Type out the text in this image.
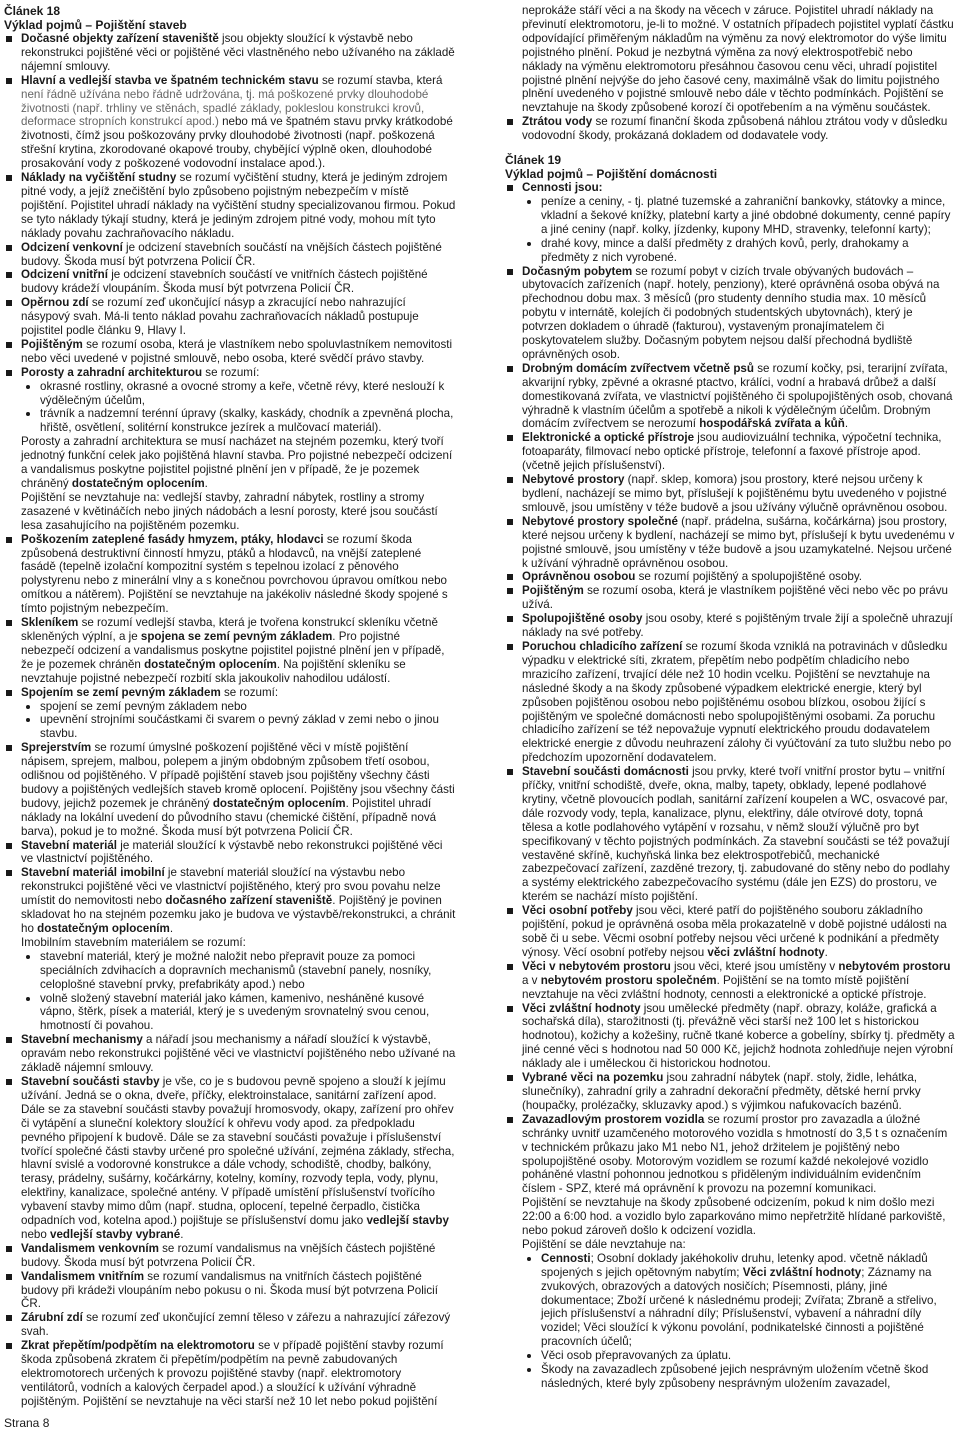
Článek 18
Výklad pojmů – Pojištění staveb

Dočasné objekty zařízení staveniště jsou objekty sloužící k výstavbě nebo rekonstrukci pojištěné věci or pojištěné věci vlastněného nebo užívaného na základě nájemní smlouvy.

Hlavní a vedlejší stavba ve špatném technickém stavu se rozumí stavba, která není řádně užívána nebo řádně udržována, tj. má poškozené prvky dlouhodobé životnosti (např. trhliny ve stěnách, spadlé základy, pokleslou konstrukci krovů, deformace stropních konstrukcí apod.) nebo má ve špatném stavu prvky krátkodobé životnosti, čímž jsou poškozovány prvky dlouhodobé životnosti (např. poškozená střešní krytina, zkorodované okapové trouby, chybějící výplně oken, dlouhodobé prosakování vody z poškozené vodovodní instalace apod.).

Náklady na vyčištění studny se rozumí vyčištění studny, která je jediným zdrojem pitné vody, a jejíž znečištění bylo způsobeno pojistným nebezpečím v místě pojištění. Pojistitel uhradí náklady na vyčištění studny specializovanou firmou. Pokud se tyto náklady týkají studny, která je jediným zdrojem pitné vody, mohou mít tyto náklady povahu zachraňovacího nákladu.

Odcizení venkovní je odcizení stavebních součástí na vnějších částech pojištěné budovy. Škoda musí být potvrzena Policií ČR.

Odcizení vnitřní je odcizení stavebních součástí ve vnitřních částech pojištěné budovy krádeží vloupáním. Škoda musí být potvrzena Policií ČR.

Opěrnou zdí se rozumí zeď ukončující násyp a zkracující nebo nahrazující násypový svah. Má-li tento náklad povahu zachraňovacích nákladů postupuje pojistitel podle článku 9, Hlavy I.

Pojištěným se rozumí osoba, která je vlastníkem nebo spoluvlastníkem nemovitosti nebo věci uvedené v pojistné smlouvě, nebo osoba, které svědčí právo stavby.

Porosty a zahradní architekturou se rozumí:

okrasné rostliny, okrasné a ovocné stromy a keře, včetně révy, které neslouží k výdělečným účelům,

trávník a nadzemní terénní úpravy (skalky, kaskády, chodník a zpevněná plocha, hřiště, osvětlení, solitérní konstrukce jezírek a mulčovací materiál).

Porosty a zahradní architektura se musí nacházet na stejném pozemku, který tvoří jednotný funkční celek jako pojištěná hlavní stavba. Pro pojistné nebezpečí odcizení a vandalismus poskytne pojistitel pojistné plnění jen v případě, že je pozemek chráněný dostatečným oplocením.

Pojištění se nevztahuje na: vedlejší stavby, zahradní nábytek, rostliny a stromy zasazené v květináčích nebo jiných nádobách a lesní porosty, které jsou součástí lesa zasahujícího na pojištěném pozemku.

Poškozením zateplené fasády hmyzem, ptáky, hlodavci se rozumí škoda způsobená destruktivní činností hmyzu, ptáků a hlodavců, na vnější zateplené fasádě (tepelně izolační kompozitní systém s tepelnou izolací z pěnového polystyrenu nebo z minerální vlny a s konečnou povrchovou úpravou omítkou nebo omítkou a nátěrem). Pojištění se nevztahuje na jakékoliv následné škody spojené s tímto pojistným nebezpečím.

Skleníkem se rozumí vedlejší stavba, která je tvořena konstrukcí skleníku včetně skleněných výplní, a je spojena se zemí pevným základem. Pro pojistné nebezpečí odcizení a vandalismus poskytne pojistitel pojistné plnění jen v případě, že je pozemek chráněn dostatečným oplocením. Na pojištění skleníku se nevztahuje pojistné nebezpečí rozbití skla jakoukoliv nahodilou událostí.

Spojením se zemí pevným základem se rozumí:

spojení se zemí pevným základem nebo

upevnění strojními součástkami či svarem o pevný základ v zemi nebo o jinou stavbu.

Sprejerstvím se rozumí úmyslné poškození pojištěné věci v místě pojištění nápisem, sprejem, malbou, polepem a jiným obdobným způsobem třetí osobou, odlišnou od pojištěného. V případě pojištění staveb jsou pojištěny všechny části budovy a pojištěných vedlejších staveb kromě oplocení. Pojištěny jsou všechny části budovy, jejichž pozemek je chráněný dostatečným oplocením. Pojistitel uhradí náklady na lokální uvedení do původního stavu (chemické čištění, případně nová barva), pokud je to možné. Škoda musí být potvrzena Policií ČR.

Stavební materiál je materiál sloužící k výstavbě nebo rekonstrukci pojištěné věci ve vlastnictví pojištěného.

Stavební materiál imobilní je stavební materiál sloužící na výstavbu nebo rekonstrukci pojištěné věci ve vlastnictví pojištěného, který pro svou povahu nelze umístit do nemovitosti nebo dočasného zařízení staveniště. Pojištěný je povinen skladovat ho na stejném pozemku jako je budova ve výstavbě/rekonstrukci, a chránit ho dostatečným oplocením.

Imobilním stavebním materiálem se rozumí:

stavební materiál, který je možné naložit nebo přepravit pouze za pomoci speciálních zdvihacích a dopravních mechanismů (stavební panely, nosníky, celoplošné stavební prvky, prefabrikáty apod.) nebo

volně složený stavební materiál jako kámen, kamenivo, nesháněné kusové vápno, štěrk, písek a materiál, který je s uvedeným srovnatelný svou cenou, hmotností či povahou.

Stavební mechanismy a nářadí jsou mechanismy a nářadí sloužící k výstavbě, opravám nebo rekonstrukci pojištěné věci ve vlastnictví pojištěného nebo užívané na základě nájemní smlouvy.

Stavební součásti stavby je vše, co je s budovou pevně spojeno a slouží k jejímu užívání. Jedná se o okna, dveře, příčky, elektroinstalace, sanitární zařízení apod. Dále se za stavební součásti stavby považují hromosvody, okapy, zařízení pro ohřev či vytápění a sluneční kolektory sloužící k ohřevu vody apod. za předpokladu pevného připojení k budově. Dále se za stavební součásti považuje i příslušenství tvořící společné části stavby určené pro společné užívání, zejména základy, střecha, hlavní svislé a vodorovné konstrukce a dále vchody, schodiště, chodby, balkóny, terasy, prádelny, sušárny, kočárkárny, kotelny, komíny, rozvody tepla, vody, plynu, elektřiny, kanalizace, společné antény. V případě umístění příslušenství tvořícího vybavení stavby mimo dům (např. studna, oplocení, tepelné čerpadlo, čistička odpadních vod, kotelna apod.) pojištuje se příslušenství domu jako vedlejší stavby nebo vedlejší stavby vybrané.

Vandalismem venkovním se rozumí vandalismus na vnějších částech pojištěné budovy. Škoda musí být potvrzena Policií ČR.

Vandalismem vnitřním se rozumí vandalismus na vnitřních částech pojištěné budovy při krádeži vloupáním nebo pokusu o ni. Škoda musí být potvrzena Policií ČR.

Zárubní zdí se rozumí zeď ukončující zemní těleso v zářezu a nahrazující zářezový svah.

Zkrat přepětím/podpětím na elektromotoru se v případě pojištění stavby rozumí škoda způsobená zkratem či přepětím/podpětím na pevně zabudovaných elektromotorech určených k provozu pojištěné stavby (např. elektromotory ventilátorů, vodních a kalových čerpadel apod.) a sloužící k užívání výhradně pojištěným. Pojištění se nevztahuje na věci starší než 10 let nebo pokud pojištění

neprokáže stáří věci a na škody na věcech v záruce. Pojistitel uhradí náklady na převinutí elektromotoru, je-li to možné. V ostatních případech pojistitel vyplatí částku odpovídající přiměřeným nákladům na výměnu za nový elektromotor do výše limitu pojistného plnění. Pokud je nezbytná výměna za nový elektrospotřebič nebo náklady na výměnu elektromotoru přesáhnou časovou cenu věci, uhradí pojistitel pojistné plnění nejvýše do jeho časové ceny, maximálně však do limitu pojistného plnění uvedeného v pojistné smlouvě nebo dále v těchto podmínkách. Pojištění se nevztahuje na škody způsobené korozí či opotřebením a na výměnu součástek.

Ztrátou vody se rozumí finanční škoda způsobená náhlou ztrátou vody v důsledku vodovodní škody, prokázaná dokladem od dodavatele vody.

Článek 19
Výklad pojmů – Pojištění domácnosti

Cennosti jsou:

peníze a ceniny, - tj. platné tuzemské a zahraniční bankovky, státovky a mince, vkladní a šekové knížky, platební karty a jiné obdobné dokumenty, cenné papíry a jiné ceniny (např. kolky, jízdenky, kupony MHD, stravenky, telefonní karty);

drahé kovy, mince a další předměty z drahých kovů, perly, drahokamy a předměty z nich vyrobené.

Dočasným pobytem se rozumí pobyt v cizích trvale obývaných budovách – ubytovacích zařízeních (např. hotely, penziony), které oprávněná osoba obývá na přechodnou dobu max. 3 měsíců (pro studenty denního studia max. 10 měsíců pobytu v internátě, kolejích či podobných studentských ubytovnách), který je potvrzen dokladem o úhradě (fakturou), vystaveným pronajímatelem či poskytovatelem služby. Dočasným pobytem nejsou další přechodná bydliště oprávněných osob.

Drobným domácím zvířectvem včetně psů se rozumí kočky, psi, terarijní zvířata, akvarijní rybky, zpěvné a okrasné ptactvo, králíci, vodní a hrabavá drůbež a další domestikovaná zvířata, ve vlastnictví pojištěného či spolupojištěných osob, chovaná výhradně k vlastním účelům a spotřebě a nikoli k výdělečným účelům. Drobným domácím zvířectvem se nerozumí hospodářská zvířata a kůň.

Elektronické a optické přístroje jsou audiovizuální technika, výpočetní technika, fotoaparáty, filmovací nebo optické přístroje, telefonní a faxové přístroje apod. (včetně jejich příslušenství).

Nebytové prostory (např. sklep, komora) jsou prostory, které nejsou určeny k bydlení, nacházejí se mimo byt, příslušejí k pojištěnému bytu uvedeného v pojistné smlouvě, jsou umístěny v téže budově a jsou užívány výlučně oprávněnou osobou.

Nebytové prostory společné (např. prádelna, sušárna, kočárkárna) jsou prostory, které nejsou určeny k bydlení, nacházejí se mimo byt, příslušejí k bytu uvedenému v pojistné smlouvě, jsou umístěny v téže budově a jsou uzamykatelné. Nejsou určené k užívání výhradně oprávněnou osobou.

Oprávněnou osobou se rozumí pojištěný a spolupojištěné osoby.

Pojištěným se rozumí osoba, která je vlastníkem pojištěné věci nebo věc po právu užívá.

Spolupojištěné osoby jsou osoby, které s pojištěným trvale žijí a společně uhrazují náklady na své potřeby.

Poruchou chladicího zařízení se rozumí škoda vzniklá na potravinách v důsledku výpadku v elektrické síti, zkratem, přepětím nebo podpětím chladicího nebo mrazicího zařízení, trvající déle než 10 hodin vcelku. Pojištění se nevztahuje na následné škody a na škody způsobené výpadkem elektrické energie, který byl způsoben pojištěnou osobou nebo pojištěnému osobou blízkou, osobou žijící s pojištěným ve společné domácnosti nebo spolupojištěnými osobami. Za poruchu chladicího zařízení se též nepovažuje vypnutí elektrického proudu dodavatelem elektrické energie z důvodu neuhrazení zálohy či vyúčtování za tuto službu nebo po předchozím upozornění dodavatelem.

Stavební součásti domácnosti jsou prvky, které tvoří vnitřní prostor bytu – vnitřní příčky, vnitřní schodiště, dveře, okna, malby, tapety, obklady, lepené podlahové krytiny, včetně plovoucích podlah, sanitární zařízení koupelen a WC, osvacové par, dále rozvody vody, tepla, kanalizace, plynu, elektřiny, dále otvírové doty, topná tělesa a kotle podlahového vytápění v rozsahu, v němž slouží výlučně pro byt specifikovaný v těchto pojistných podmínkách. Za stavební součásti se též považují vestavěné skříně, kuchyňská linka bez elektrospotřebičů, mechanické zabezpečovací zařízení, zazděné trezory, tj. zabudované do stěny nebo do podlahy a systémy elektrického zabezpečovacího systému (dále jen EZS) do prostoru, ve kterém se nachází místo pojištění.

Věci osobní potřeby jsou věci, které patří do pojištěného souboru základního pojištění, pokud je oprávněná osoba měla prokazatelně v době pojistné události na sobě či u sebe. Věcmi osobní potřeby nejsou věci určené k podnikání a předměty výnosy. Věcí osobní potřeby nejsou věci zvláštní hodnoty.

Věci v nebytovém prostoru jsou věci, které jsou umístěny v nebytovém prostoru a v nebytovém prostoru společném. Pojištění se na tomto místě pojištění nevztahuje na věci zvláštní hodnoty, cennosti a elektronické a optické přístroje.

Věci zvláštní hodnoty jsou umělecké předměty (např. obrazy, koláže, grafická a sochařská díla), starožitnosti (tj. převážně věci starší než 100 let s historickou hodnotou), kožichy a kožešiny, ručně tkané koberce a gobelíny, sbírky tj. předměty a jiné cenné věci s hodnotou nad 50 000 Kč, jejichž hodnota zohledňuje nejen výrobní náklady ale i uměleckou či historickou hodnotou.

Vybrané věci na pozemku jsou zahradní nábytek (např. stoly, židle, lehátka, slunečníky), zahradní grily a zahradní dekorační předměty, dětské herní prvky (houpačky, prolézačky, skluzavky apod.) s výjimkou nafukovacích bazénů.

Zavazadlovým prostorem vozidla se rozumí prostor pro zavazadla a úložné schránky uvnitř uzamčeného motorového vozidla s hmotností do 3,5 t s označením v technickém průkazu jako M1 nebo N1, jehož držitelem je pojištěný nebo spolupojištěné osoby. Motorovým vozidlem se rozumí každé nekolejové vozidlo poháněné vlastní pohonnou jednotkou s přiděleným individuálním evidenčním číslem - SPZ, které má oprávnění k provozu na pozemní komunikaci.

Pojištění se nevztahuje na škody způsobené odcizením, pokud k nim došlo mezi 22:00 a 6:00 hod. a vozidlo bylo zaparkováno mimo nepřetržitě hlídané parkoviště, nebo pokud zároveň došlo k odcizení vozidla.

Pojištění se dále nevztahuje na:

Cennosti; Osobní doklady jakéhokoliv druhu, letenky apod. včetně nákladů spojených s jejich opětovným nabytím; Věci zvláštní hodnoty; Záznamy na zvukových, obrazových a datových nosičích; Písemnosti, plány, jiné dokumentace; Zboží určené k následnému prodeji; Zvířata; Zbraně a střelivo, jejich příslušenství a náhradní díly; Příslušenství, vybavení a náhradní díly vozidel; Věci sloužící k výkonu povolání, podnikatelské činnosti a pojištěné pracovních účelů;

Věci osob přepravovaných za úplatu.

Škody na zavazadlech způsobené jejich nesprávným uložením včetně škod následných, které byly způsobeny nesprávným uložením zavazadel,

Strana 8
